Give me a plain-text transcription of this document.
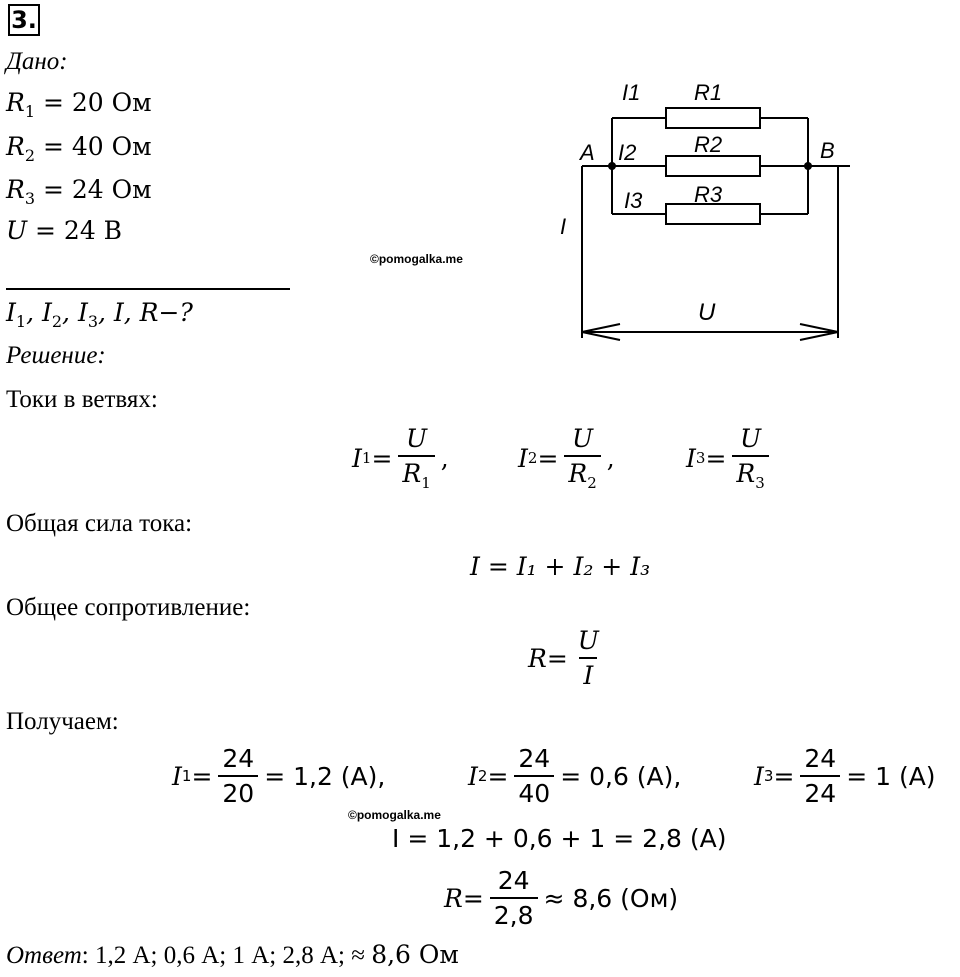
3.
Дано:
$R_1 = 20$ Ом
$R_2 = 40$ Ом
$R_3 = 24$ Ом
U = 24 В
©pomogalka.me
$I_1$, $I_2$, $I_3$, I, R−?
Решение:
Токи в ветвях:
I $1 = \frac{U}{R_1}$ ,	I $2 = \frac{U}{R_2}$ ,	I $3 = \frac{U}{R_3}$
Общая сила тока:
I = I₁ + I₂ + I₃
Общее сопротивление:
$R = \frac{U}{I}$
Получаем:
I $1 = \frac{24}{20} = 1,2$ (А),	I $2 = \frac{24}{40} = 0,6$ (А),	I $3 = \frac{24}{24} = 1$ (А)
©pomogalka.me
I = 1,2 + 0,6 + 1 = 2,8 (А)
$R = \frac{24}{2,8} \approx 8,6$ (Ом)
Ответ: 1,2 А; 0,6 А; 1 А; 2,8 А; ≈ 8,6 Ом
A	B
I1
I2
I3
R1
R2
R3
I
U
